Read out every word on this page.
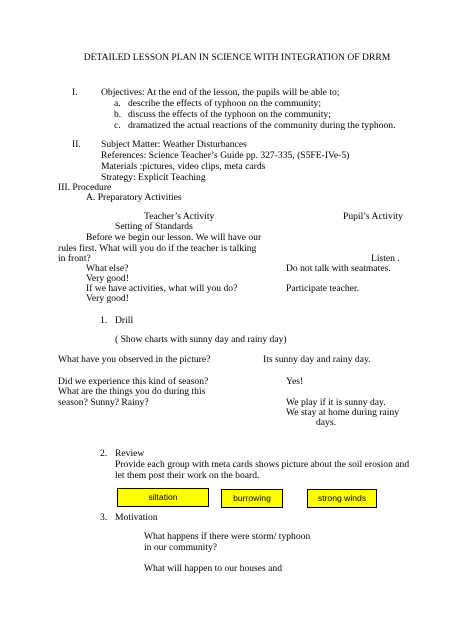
DETAILED LESSON PLAN IN SCIENCE WITH INTEGRATION OF DRRM
I. Objectives: At the end of the lesson, the pupils will be able to;
a. describe the effects of typhoon on the community;
b. discuss the effects of the typhoon on the community;
c. dramatized the actual reactions of the community during the typhoon.
II. Subject Matter: Weather Disturbances
References: Science Teacher’s Guide pp. 327-335, (S5FE-IVe-5)
Materials :pictures, video clips, meta cards
Strategy: Explicit Teaching
III. Procedure
A. Preparatory Activities
Teacher’s Activity	Pupil’s Activity
Setting of Standards
Before we begin our lesson. We will have our
rules first. What will you do if the teacher is talking
in front?	Listen .
What else?	Do not talk with seatmates.
Very good!
If we have activities, what will you do?	Participate teacher.
Very good!
1. Drill
( Show charts with sunny day and rainy day)
What have you observed in the picture?	Its sunny day and rainy day.
Did we experience this kind of season?	Yes!
What are the things you do during this
season? Sunny? Rainy?	We play if it is sunny day.
We stay at home during rainy
days.
2. Review
Provide each group with meta cards shows picture about the soil erosion and
let them post their work on the board.
siltation	burrowing	strong winds
3. Motivation
What happens if there were storm/ typhoon
in our community?
What will happen to our houses and
